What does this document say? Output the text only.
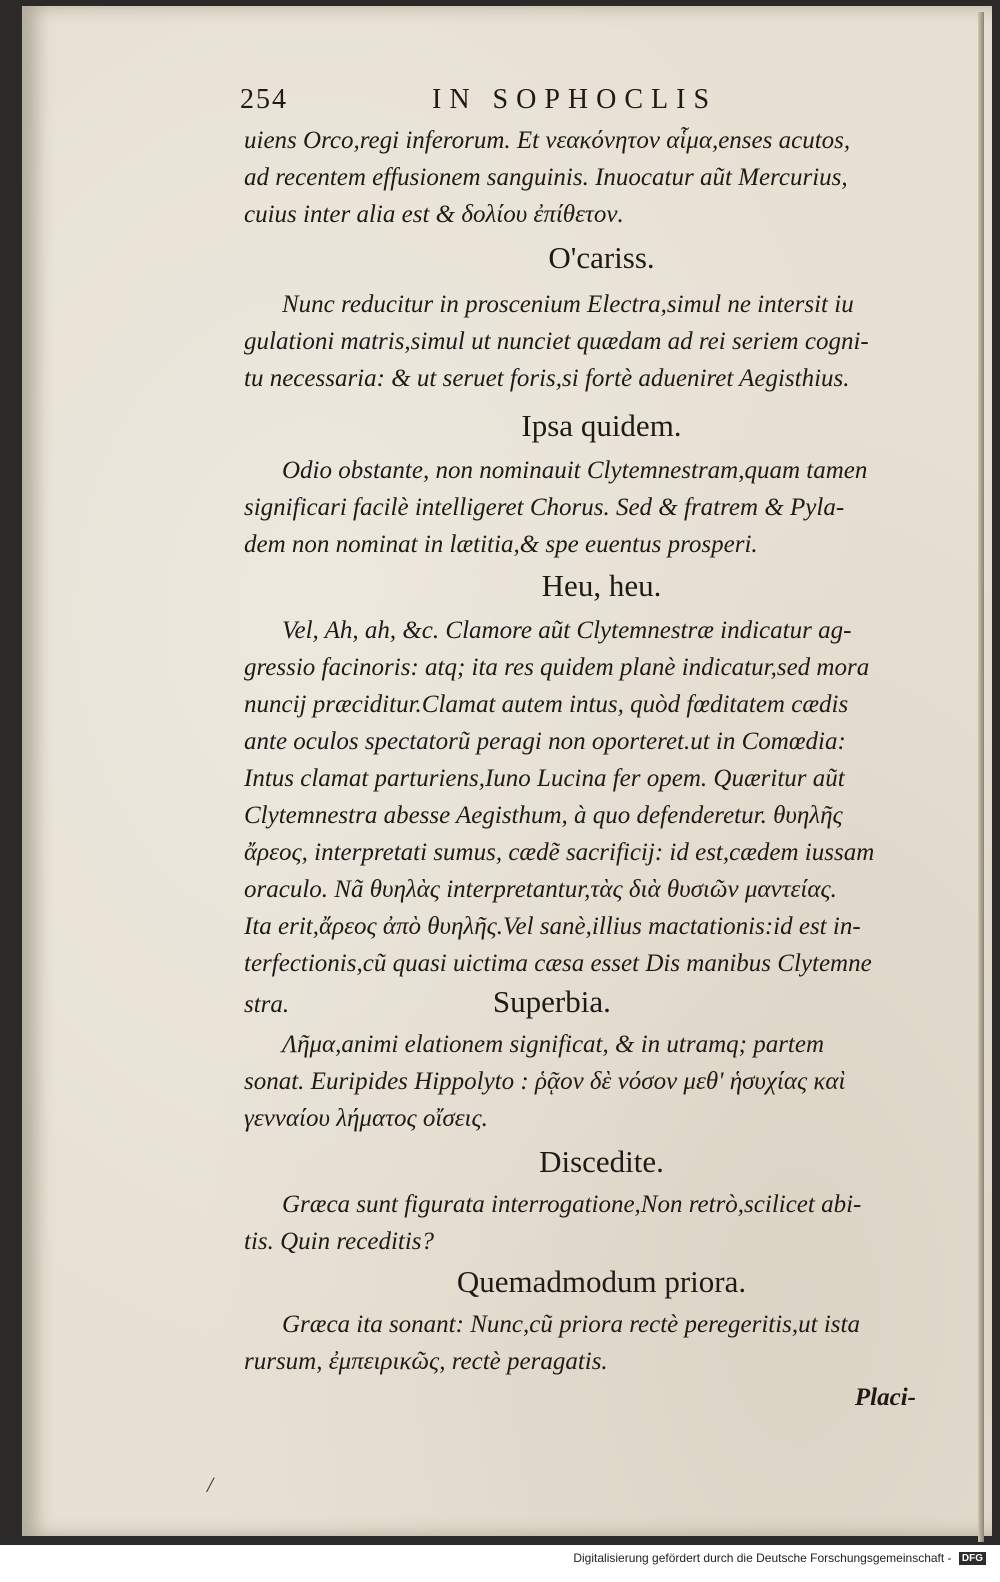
254	IN SOPHOCLIS
uiens Orco,regi inferorum. Et νεακόνητον αἷμα,enses acutos,
ad recentem effusionem sanguinis. Inuocatur aũt Mercurius,
cuius inter alia est & δολίου ἐπίθετον.
O'cariss.
Nunc reducitur in proscenium Electra,simul ne intersit iu
gulationi matris,simul ut nunciet quædam ad rei seriem cogni-
tu necessaria: & ut seruet foris,si fortè adueniret Aegisthius.
Ipsa quidem.
Odio obstante, non nominauit Clytemnestram,quam tamen
significari facilè intelligeret Chorus. Sed & fratrem & Pyla-
dem non nominat in lætitia,& spe euentus prosperi.
Heu, heu.
Vel, Ah, ah, &c. Clamore aũt Clytemnestræ indicatur ag-
gressio facinoris: atq; ita res quidem planè indicatur,sed mora
nuncij præciditur.Clamat autem intus, quòd fœditatem cædis
ante oculos spectatorũ peragi non oporteret.ut in Comœdia:
Intus clamat parturiens,Iuno Lucina fer opem. Quæritur aũt
Clytemnestra abesse Aegisthum, à quo defenderetur. θυηλῆς
ἄρεος, interpretati sumus, cædẽ sacrificij: id est,cædem iussam
oraculo. Nã θυηλὰς interpretantur,τὰς διὰ θυσιῶν μαντείας.
Ita erit,ἄρεος ἀπὸ θυηλῆς.Vel sanè,illius mactationis:id est in-
terfectionis,cũ quasi uictima cæsa esset Dis manibus Clytemne
stra.	Superbia.
Λῆμα,animi elationem significat, & in utramq; partem
sonat. Euripides Hippolyto : ῥᾷον δὲ νόσον μεθ' ἡσυχίας καὶ
γενναίου λήματος οἴσεις.
Discedite.
Græca sunt figurata interrogatione,Non retrò,scilicet abi-
tis. Quin receditis?
Quemadmodum priora.
Græca ita sonant: Nunc,cũ priora rectè peregeritis,ut ista
rursum, ἐμπειρικῶς, rectè peragatis.
Placi-
/
Digitalisierung gefördert durch die Deutsche Forschungsgemeinschaft - DFG
